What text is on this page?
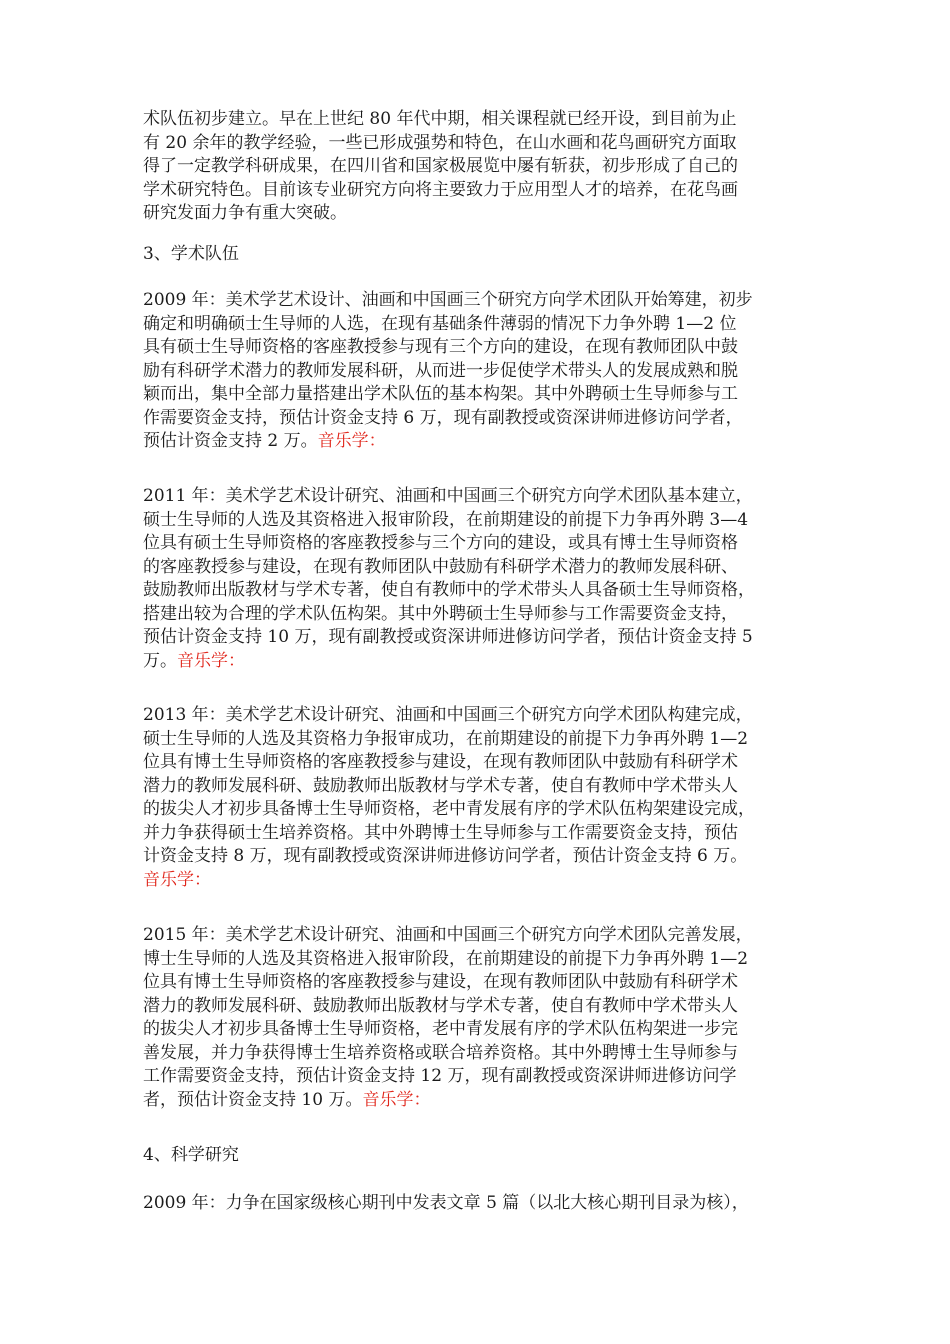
术队伍初步建立。早在上世纪 80 年代中期，相关课程就已经开设，到目前为止
有 20 余年的教学经验，一些已形成强势和特色，在山水画和花鸟画研究方面取
得了一定教学科研成果，在四川省和国家极展览中屡有斩获，初步形成了自己的
学术研究特色。目前该专业研究方向将主要致力于应用型人才的培养，在花鸟画
研究发面力争有重大突破。
3、学术队伍
2009 年：美术学艺术设计、油画和中国画三个研究方向学术团队开始筹建，初步
确定和明确硕士生导师的人选，在现有基础条件薄弱的情况下力争外聘 1—2 位
具有硕士生导师资格的客座教授参与现有三个方向的建设，在现有教师团队中鼓
励有科研学术潜力的教师发展科研，从而进一步促使学术带头人的发展成熟和脱
颖而出，集中全部力量搭建出学术队伍的基本构架。其中外聘硕士生导师参与工
作需要资金支持，预估计资金支持 6 万，现有副教授或资深讲师进修访问学者，
预估计资金支持 2 万。音乐学：
2011 年：美术学艺术设计研究、油画和中国画三个研究方向学术团队基本建立，
硕士生导师的人选及其资格进入报审阶段，在前期建设的前提下力争再外聘 3—4
位具有硕士生导师资格的客座教授参与三个方向的建设，或具有博士生导师资格
的客座教授参与建设，在现有教师团队中鼓励有科研学术潜力的教师发展科研、
鼓励教师出版教材与学术专著，使自有教师中的学术带头人具备硕士生导师资格，
搭建出较为合理的学术队伍构架。其中外聘硕士生导师参与工作需要资金支持，
预估计资金支持 10 万，现有副教授或资深讲师进修访问学者，预估计资金支持 5
万。音乐学：
2013 年：美术学艺术设计研究、油画和中国画三个研究方向学术团队构建完成，
硕士生导师的人选及其资格力争报审成功，在前期建设的前提下力争再外聘 1—2
位具有博士生导师资格的客座教授参与建设，在现有教师团队中鼓励有科研学术
潜力的教师发展科研、鼓励教师出版教材与学术专著，使自有教师中学术带头人
的拔尖人才初步具备博士生导师资格，老中青发展有序的学术队伍构架建设完成，
并力争获得硕士生培养资格。其中外聘博士生导师参与工作需要资金支持，预估
计资金支持 8 万，现有副教授或资深讲师进修访问学者，预估计资金支持 6 万。
音乐学：
2015 年：美术学艺术设计研究、油画和中国画三个研究方向学术团队完善发展，
博士生导师的人选及其资格进入报审阶段，在前期建设的前提下力争再外聘 1—2
位具有博士生导师资格的客座教授参与建设，在现有教师团队中鼓励有科研学术
潜力的教师发展科研、鼓励教师出版教材与学术专著，使自有教师中学术带头人
的拔尖人才初步具备博士生导师资格，老中青发展有序的学术队伍构架进一步完
善发展，并力争获得博士生培养资格或联合培养资格。其中外聘博士生导师参与
工作需要资金支持，预估计资金支持 12 万，现有副教授或资深讲师进修访问学
者，预估计资金支持 10 万。音乐学：
4、科学研究
2009 年：力争在国家级核心期刊中发表文章 5 篇（以北大核心期刊目录为核），
